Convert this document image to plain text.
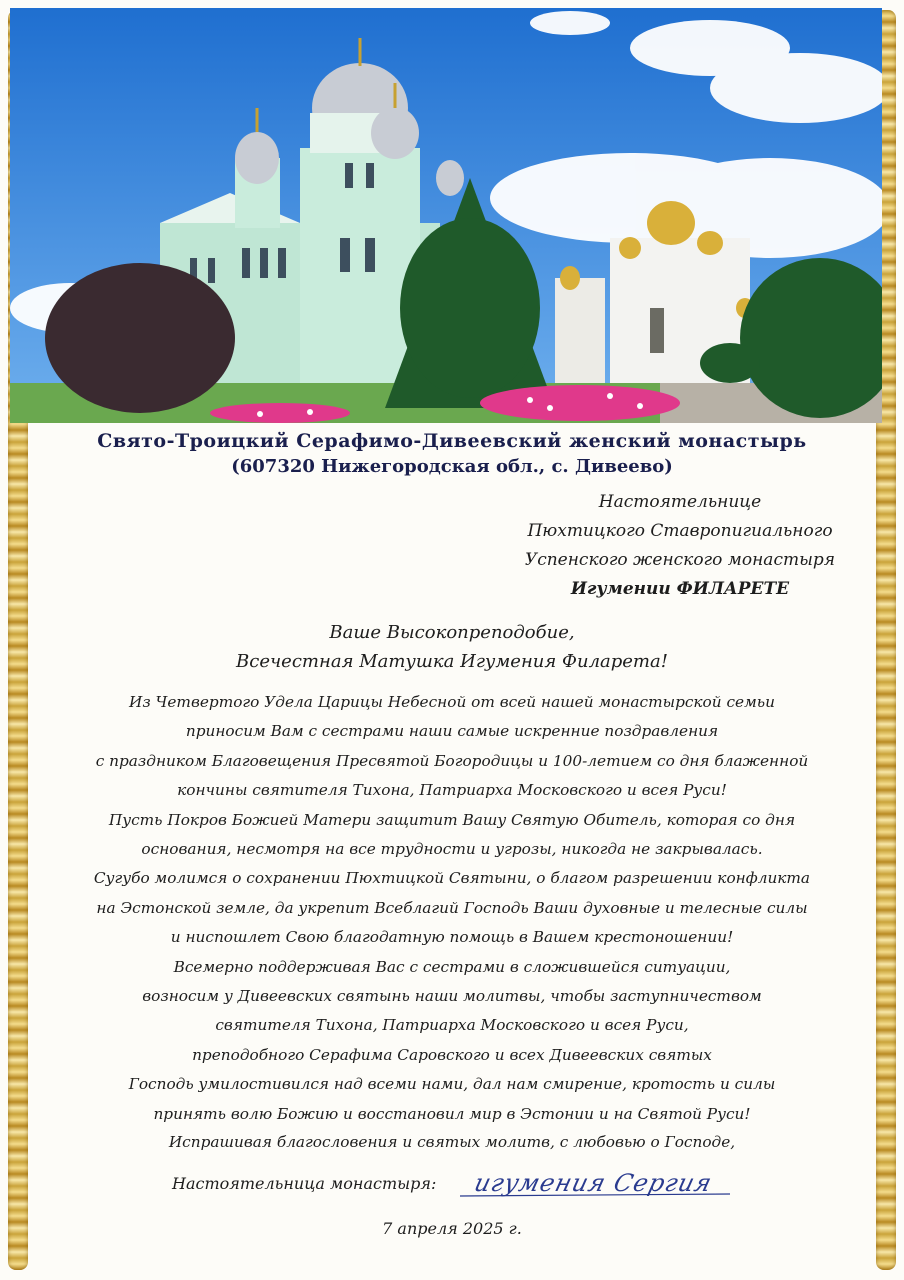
Свято-Троицкий Серафимо-Дивеевский женский монастырь
(607320 Нижегородская обл., с. Дивеево)
Настоятельнице
Пюхтицкого Ставропигиального
Успенского женского монастыря
Игумении ФИЛАРЕТЕ
Ваше Высокопреподобие,
Всечестная Матушка Игумения Филарета!
Из Четвертого Удела Царицы Небесной от всей нашей монастырской семьи
приносим Вам с сестрами наши самые искренние поздравления
с праздником Благовещения Пресвятой Богородицы и 100-летием со дня блаженной
кончины святителя Тихона, Патриарха Московского и всея Руси!
Пусть Покров Божией Матери защитит Вашу Святую Обитель, которая со дня
основания, несмотря на все трудности и угрозы, никогда не закрывалась.
Сугубо молимся о сохранении Пюхтицкой Святыни, о благом разрешении конфликта
на Эстонской земле, да укрепит Всеблагий Господь Ваши духовные и телесные силы
и ниспошлет Свою благодатную помощь в Вашем крестоношении!
Всемерно поддерживая Вас с сестрами в сложившейся ситуации,
возносим у Дивеевских святынь наши молитвы, чтобы заступничеством
святителя Тихона, Патриарха Московского и всея Руси,
преподобного Серафима Саровского и всех Дивеевских святых
Господь умилостивился над всеми нами, дал нам смирение, кротость и силы
принять волю Божию и восстановил мир в Эстонии и на Святой Руси!
Испрашивая благословения и святых молитв, с любовью о Господе,
Настоятельница монастыря: игумения Сергия
7 апреля 2025 г.
